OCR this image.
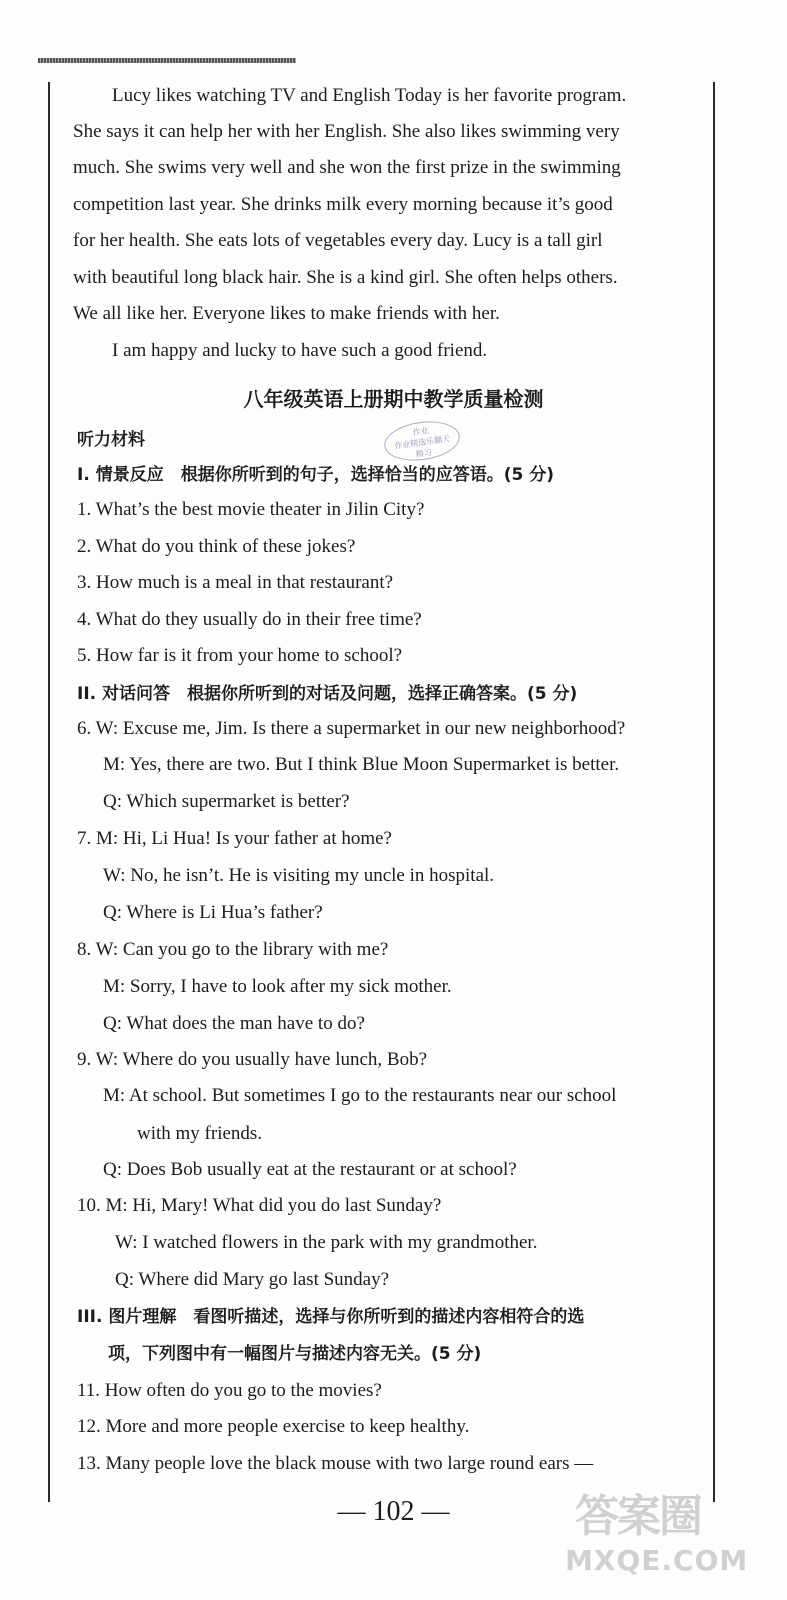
Lucy likes watching TV and English Today is her favorite program.
She says it can help her with her English. She also likes swimming very
much. She swims very well and she won the first prize in the swimming
competition last year. She drinks milk every morning because it’s good
for her health. She eats lots of vegetables every day. Lucy is a tall girl
with beautiful long black hair. She is a kind girl. She often helps others.
We all like her. Everyone likes to make friends with her.
I am happy and lucky to have such a good friend.
八年级英语上册期中教学质量检测
作业
作业精选乐翻天
精习
听力材料
I. 情景反应　根据你所听到的句子，选择恰当的应答语。(5 分)
1. What’s the best movie theater in Jilin City?
2. What do you think of these jokes?
3. How much is a meal in that restaurant?
4. What do they usually do in their free time?
5. How far is it from your home to school?
II. 对话问答　根据你所听到的对话及问题，选择正确答案。(5 分)
6. W: Excuse me, Jim. Is there a supermarket in our new neighborhood?
M: Yes, there are two. But I think Blue Moon Supermarket is better.
Q: Which supermarket is better?
7. M: Hi, Li Hua! Is your father at home?
W: No, he isn’t. He is visiting my uncle in hospital.
Q: Where is Li Hua’s father?
8. W: Can you go to the library with me?
M: Sorry, I have to look after my sick mother.
Q: What does the man have to do?
9. W: Where do you usually have lunch, Bob?
M: At school. But sometimes I go to the restaurants near our school
with my friends.
Q: Does Bob usually eat at the restaurant or at school?
10. M: Hi, Mary! What did you do last Sunday?
W: I watched flowers in the park with my grandmother.
Q: Where did Mary go last Sunday?
III. 图片理解　看图听描述，选择与你所听到的描述内容相符合的选
项，下列图中有一幅图片与描述内容无关。(5 分)
11. How often do you go to the movies?
12. More and more people exercise to keep healthy.
13. Many people love the black mouse with two large round ears —
— 102 —	答案圈
MXQE.COM
